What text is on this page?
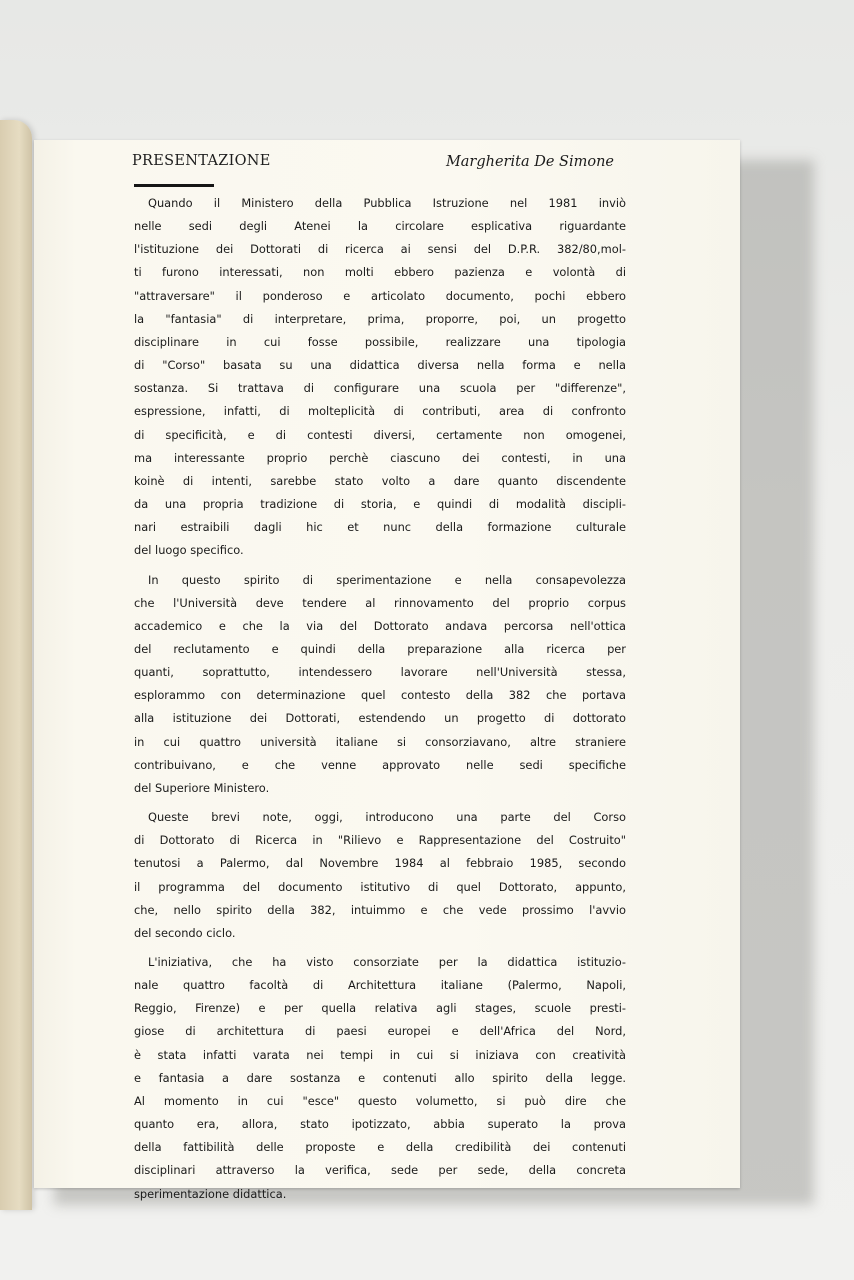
PRESENTAZIONE	Margherita De Simone

Quando il Ministero della Pubblica Istruzione nel 1981 inviò
nelle sedi degli Atenei la circolare esplicativa riguardante
l'istituzione dei Dottorati di ricerca ai sensi del D.P.R. 382/80,mol-
ti furono interessati, non molti ebbero pazienza e volontà di
"attraversare" il ponderoso e articolato documento, pochi ebbero
la "fantasia" di interpretare, prima, proporre, poi, un progetto
disciplinare in cui fosse possibile, realizzare una tipologia
di "Corso" basata su una didattica diversa nella forma e nella
sostanza. Si trattava di configurare una scuola per "differenze",
espressione, infatti, di molteplicità di contributi, area di confronto
di specificità, e di contesti diversi, certamente non omogenei,
ma interessante proprio perchè ciascuno dei contesti, in una
koinè di intenti, sarebbe stato volto a dare quanto discendente
da una propria tradizione di storia, e quindi di modalità discipli-
nari estraibili dagli hic et nunc della formazione culturale
del luogo specifico.
In questo spirito di sperimentazione e nella consapevolezza
che l'Università deve tendere al rinnovamento del proprio corpus
accademico e che la via del Dottorato andava percorsa nell'ottica
del reclutamento e quindi della preparazione alla ricerca per
quanti, soprattutto, intendessero lavorare nell'Università stessa,
esplorammo con determinazione quel contesto della 382 che portava
alla istituzione dei Dottorati, estendendo un progetto di dottorato
in cui quattro università italiane si consorziavano, altre straniere
contribuivano, e che venne approvato nelle sedi specifiche
del Superiore Ministero.
Queste brevi note, oggi, introducono una parte del Corso
di Dottorato di Ricerca in "Rilievo e Rappresentazione del Costruito"
tenutosi a Palermo, dal Novembre 1984 al febbraio 1985, secondo
il programma del documento istitutivo di quel Dottorato, appunto,
che, nello spirito della 382, intuimmo e che vede prossimo l'avvio
del secondo ciclo.
L'iniziativa, che ha visto consorziate per la didattica istituzio-
nale quattro facoltà di Architettura italiane (Palermo, Napoli,
Reggio, Firenze) e per quella relativa agli stages, scuole presti-
giose di architettura di paesi europei e dell'Africa del Nord,
è stata infatti varata nei tempi in cui si iniziava con creatività
e fantasia a dare sostanza e contenuti allo spirito della legge.
Al momento in cui "esce" questo volumetto, si può dire che
quanto era, allora, stato ipotizzato, abbia superato la prova
della fattibilità delle proposte e della credibilità dei contenuti
disciplinari attraverso la verifica, sede per sede, della concreta
sperimentazione didattica.
